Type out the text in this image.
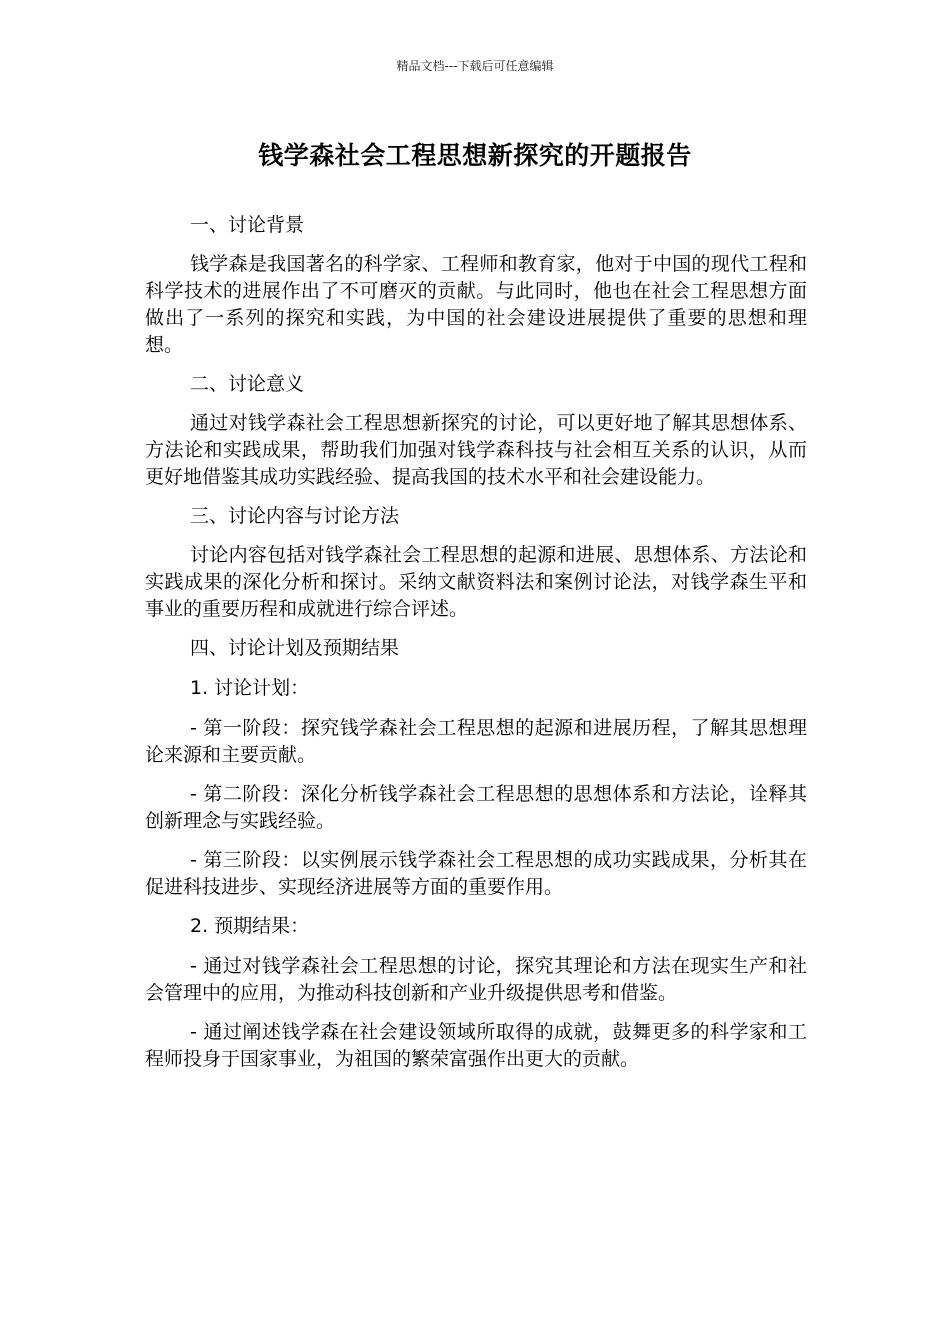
精品文档---下载后可任意编辑
钱学森社会工程思想新探究的开题报告

一、讨论背景

钱学森是我国著名的科学家、工程师和教育家，他对于中国的现代工程和科学技术的进展作出了不可磨灭的贡献。与此同时，他也在社会工程思想方面做出了一系列的探究和实践，为中国的社会建设进展提供了重要的思想和理想。

二、讨论意义

通过对钱学森社会工程思想新探究的讨论，可以更好地了解其思想体系、方法论和实践成果，帮助我们加强对钱学森科技与社会相互关系的认识，从而更好地借鉴其成功实践经验、提高我国的技术水平和社会建设能力。

三、讨论内容与讨论方法

讨论内容包括对钱学森社会工程思想的起源和进展、思想体系、方法论和实践成果的深化分析和探讨。采纳文献资料法和案例讨论法，对钱学森生平和事业的重要历程和成就进行综合评述。

四、讨论计划及预期结果

1. 讨论计划：

- 第一阶段：探究钱学森社会工程思想的起源和进展历程，了解其思想理论来源和主要贡献。

- 第二阶段：深化分析钱学森社会工程思想的思想体系和方法论，诠释其创新理念与实践经验。

- 第三阶段：以实例展示钱学森社会工程思想的成功实践成果，分析其在促进科技进步、实现经济进展等方面的重要作用。

2. 预期结果：

- 通过对钱学森社会工程思想的讨论，探究其理论和方法在现实生产和社会管理中的应用，为推动科技创新和产业升级提供思考和借鉴。

- 通过阐述钱学森在社会建设领域所取得的成就，鼓舞更多的科学家和工程师投身于国家事业，为祖国的繁荣富强作出更大的贡献。
